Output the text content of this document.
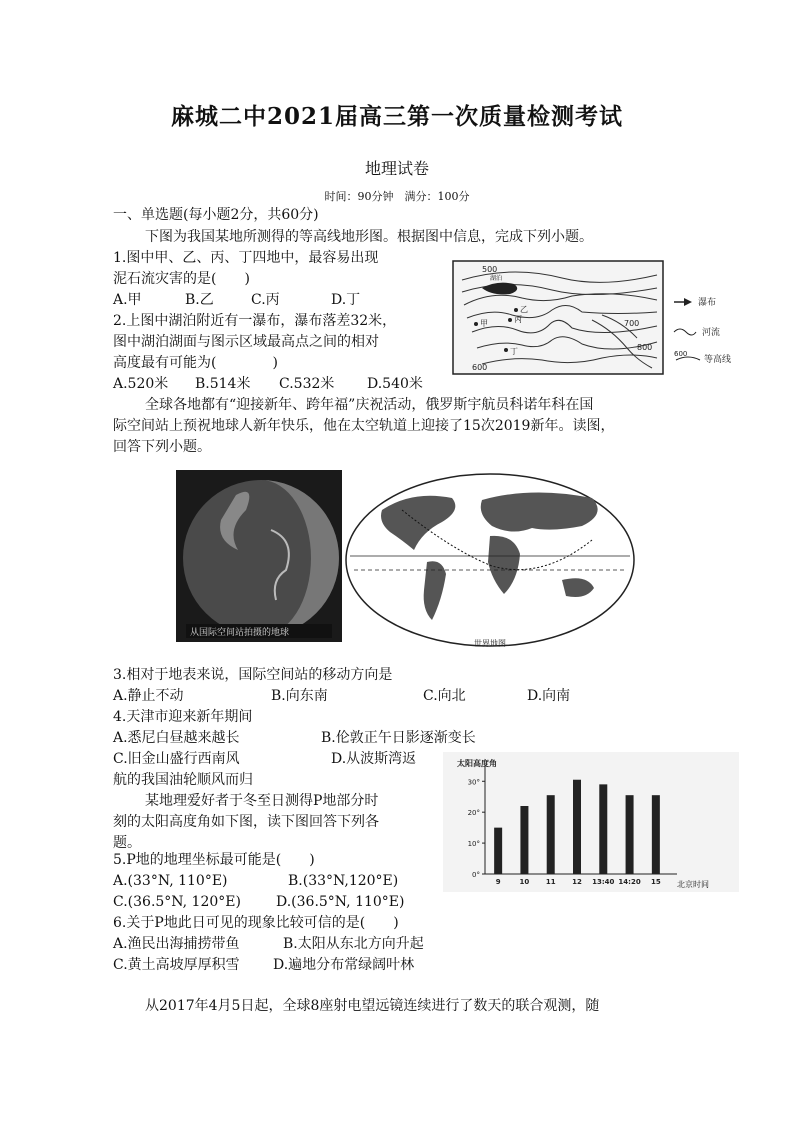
麻城二中2021届高三第一次质量检测考试
地理试卷
时间：90分钟　满分：100分
一、单选题(每小题2分，共60分)
下图为我国某地所测得的等高线地形图。根据图中信息，完成下列小题。
1.图中甲、乙、丙、丁四地中，最容易出现
泥石流灾害的是(　　)
A.甲	B.乙	C.丙	D.丁
2.上图中湖泊附近有一瀑布，瀑布落差32米，
图中湖泊湖面与图示区域最高点之间的相对
高度最有可能为(　　　　)
A.520米 B.514米 C.532米 D.540米
500
700
600
800
湖泊
甲
乙
丙
丁
瀑布
河流
600
等高线
全球各地都有“迎接新年、跨年福”庆祝活动，俄罗斯宇航员科诺年科在国
际空间站上预祝地球人新年快乐，他在太空轨道上迎接了15次2019新年。读图，
回答下列小题。
从国际空间站拍摄的地球
世界地图
3.相对于地表来说，国际空间站的移动方向是
A.静止不动	B.向东南	C.向北	D.向南
4.天津市迎来新年期间
A.悉尼白昼越来越长	B.伦敦正午日影逐渐变长
C.旧金山盛行西南风	D.从波斯湾返
航的我国油轮顺风而归
某地理爱好者于冬至日测得P地部分时
刻的太阳高度角如下图，读下图回答下列各
题。
太阳高度角
北京时间
0°
10°
20°
30°
9	10 11 12 13:40 14:20 15
5.P地的地理坐标最可能是(　　)
A.(33°N, 110°E)	B.(33°N,120°E)
C.(36.5°N, 120°E)	D.(36.5°N, 110°E)
6.关于P地此日可见的现象比较可信的是(　　)
A.渔民出海捕捞带鱼	B.太阳从东北方向升起
C.黄土高坡厚厚积雪 D.遍地分布常绿阔叶林
从2017年4月5日起，全球8座射电望远镜连续进行了数天的联合观测，随
